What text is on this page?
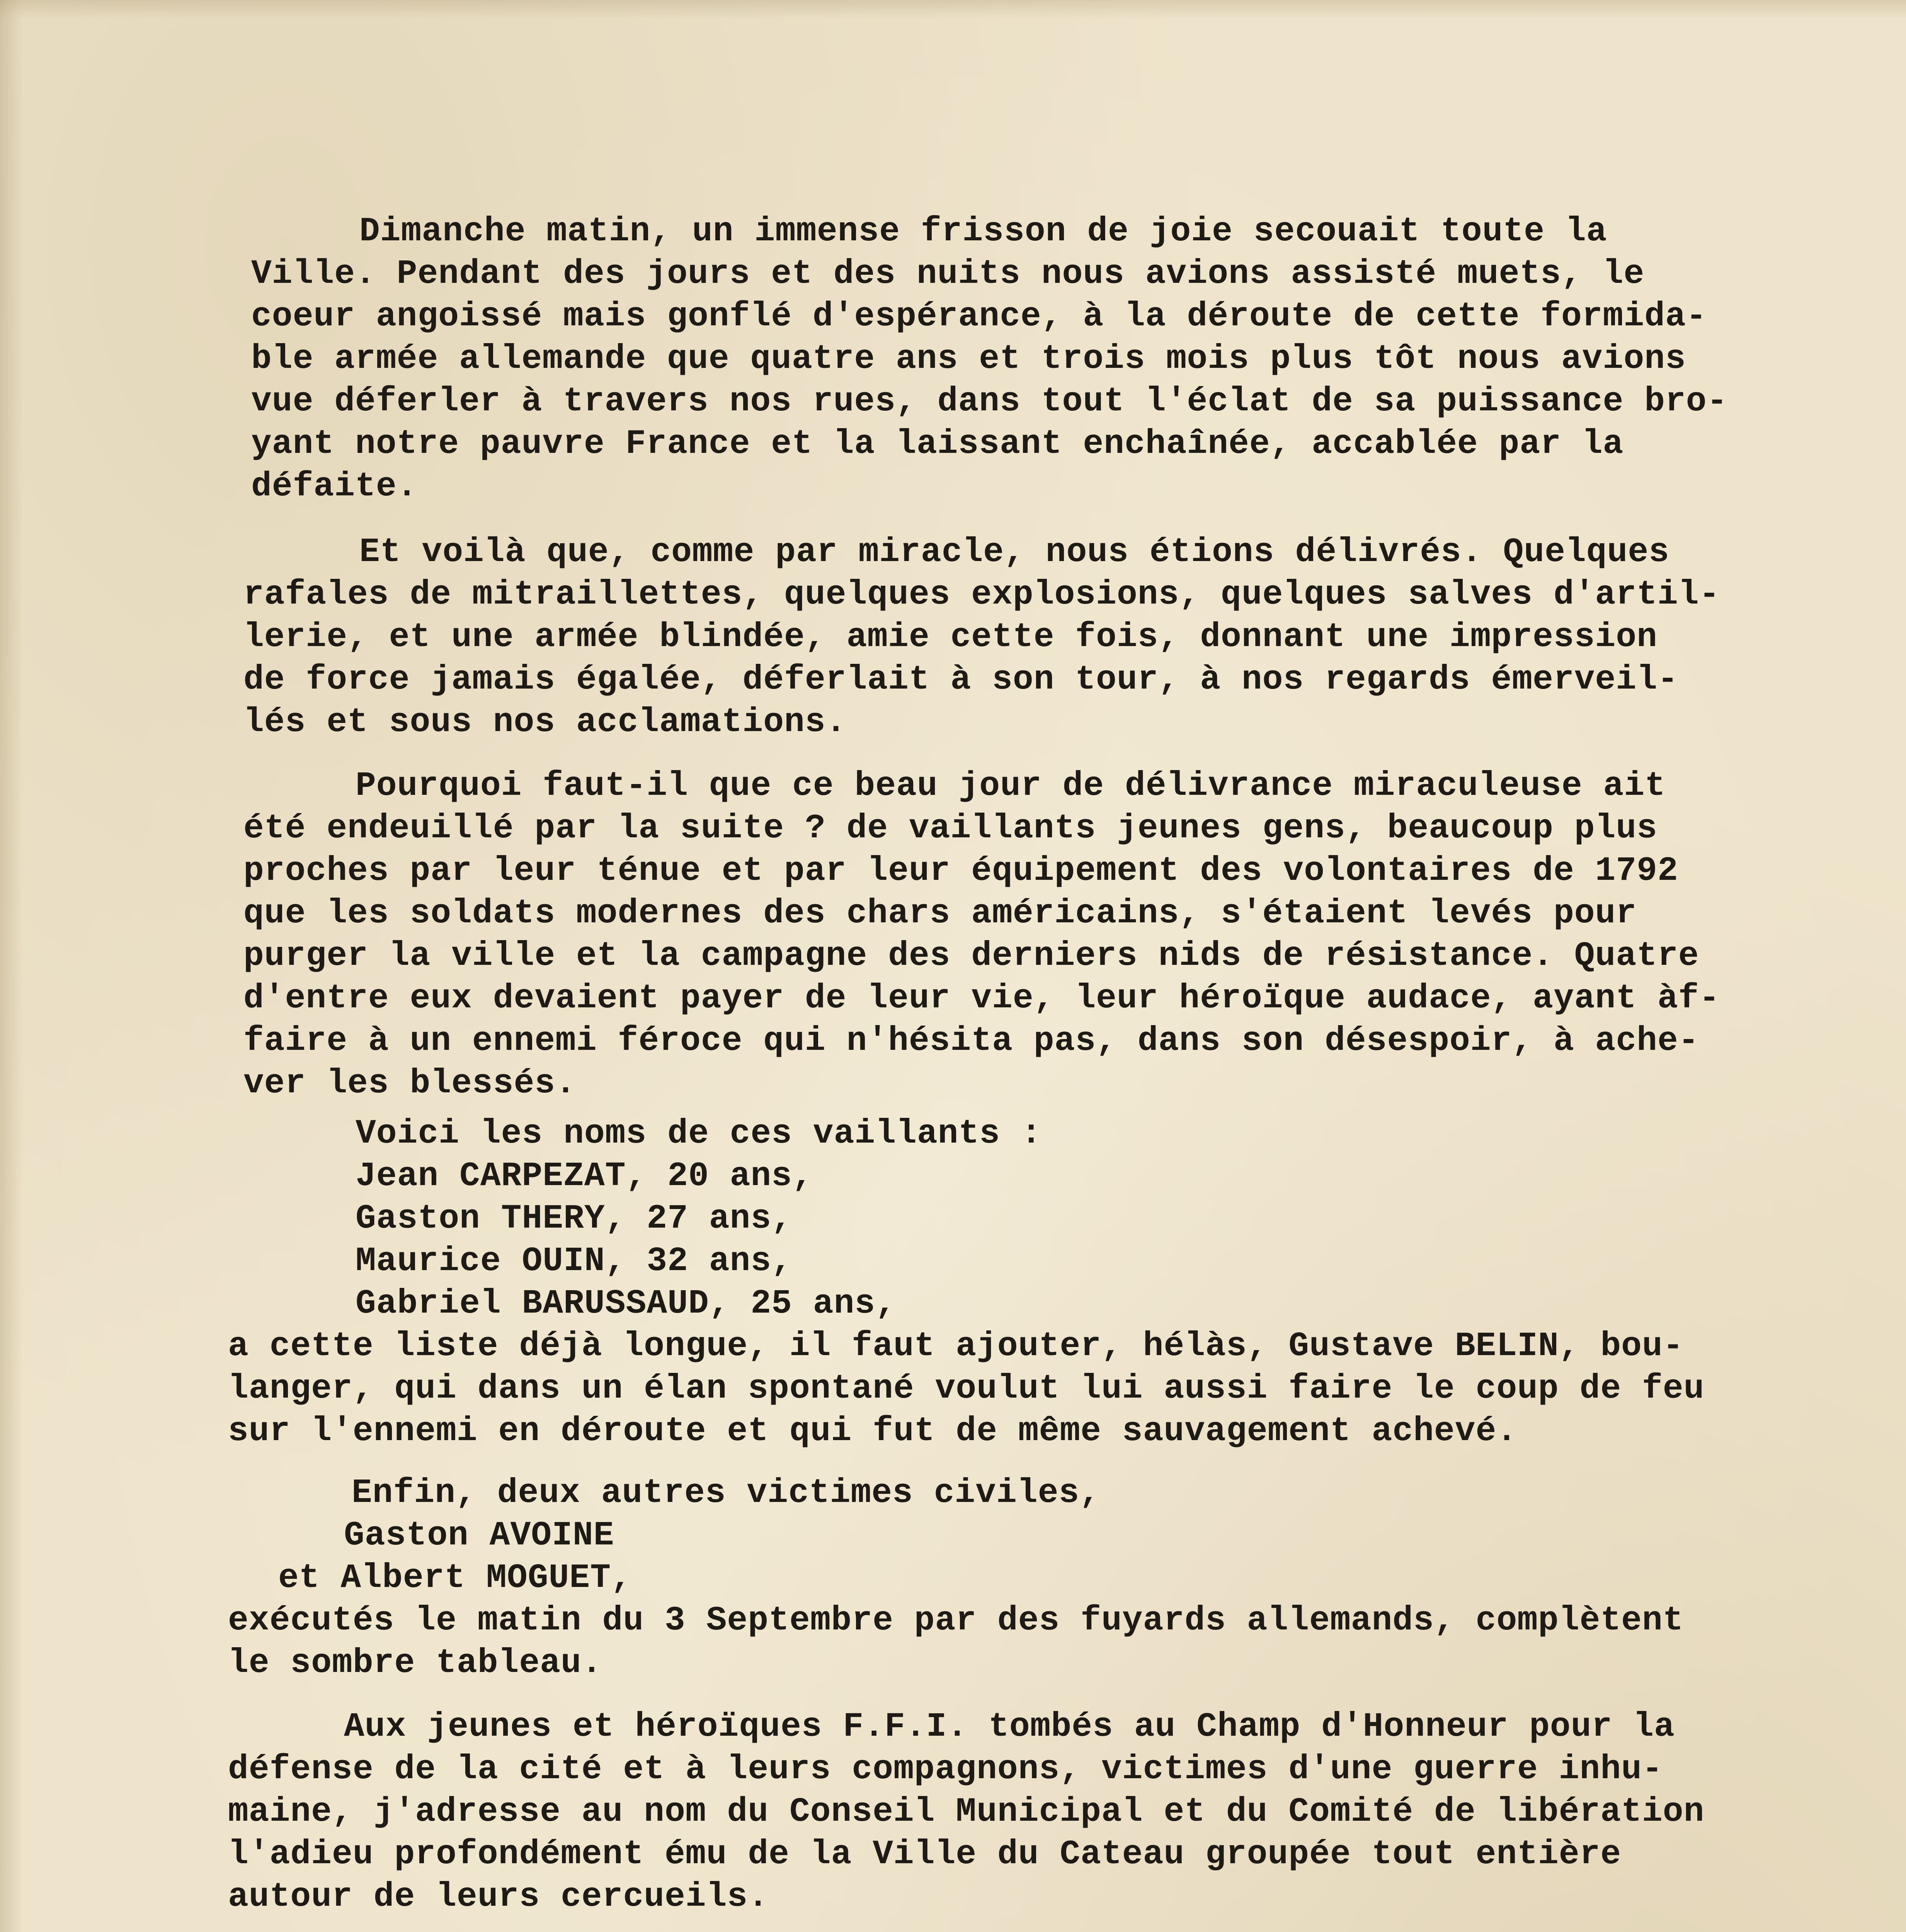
Dimanche matin, un immense frisson de joie secouait toute la
Ville. Pendant des jours et des nuits nous avions assisté muets, le
coeur angoissé mais gonflé d'espérance, à la déroute de cette formida-
ble armée allemande que quatre ans et trois mois plus tôt nous avions
vue déferler à travers nos rues, dans tout l'éclat de sa puissance bro-
yant notre pauvre France et la laissant enchaînée, accablée par la
défaite.
Et voilà que, comme par miracle, nous étions délivrés. Quelques
rafales de mitraillettes, quelques explosions, quelques salves d'artil-
lerie, et une armée blindée, amie cette fois, donnant une impression
de force jamais égalée, déferlait à son tour, à nos regards émerveil-
lés et sous nos acclamations.
Pourquoi faut-il que ce beau jour de délivrance miraculeuse ait
été endeuillé par la suite ? de vaillants jeunes gens, beaucoup plus
proches par leur ténue et par leur équipement des volontaires de 1792
que les soldats modernes des chars américains, s'étaient levés pour
purger la ville et la campagne des derniers nids de résistance. Quatre
d'entre eux devaient payer de leur vie, leur héroïque audace, ayant àf-
faire à un ennemi féroce qui n'hésita pas, dans son désespoir, à ache-
ver les blessés.
Voici les noms de ces vaillants :
Jean CARPEZAT, 20 ans,
Gaston THERY, 27 ans,
Maurice OUIN, 32 ans,
Gabriel BARUSSAUD, 25 ans,
a cette liste déjà longue, il faut ajouter, hélàs, Gustave BELIN, bou-
langer, qui dans un élan spontané voulut lui aussi faire le coup de feu
sur l'ennemi en déroute et qui fut de même sauvagement achevé.
Enfin, deux autres victimes civiles,
Gaston AVOINE
et Albert MOGUET,
exécutés le matin du 3 Septembre par des fuyards allemands, complètent
le sombre tableau.
Aux jeunes et héroïques F.F.I. tombés au Champ d'Honneur pour la
défense de la cité et à leurs compagnons, victimes d'une guerre inhu-
maine, j'adresse au nom du Conseil Municipal et du Comité de libération
l'adieu profondément ému de la Ville du Cateau groupée tout entière
autour de leurs cercueils.
